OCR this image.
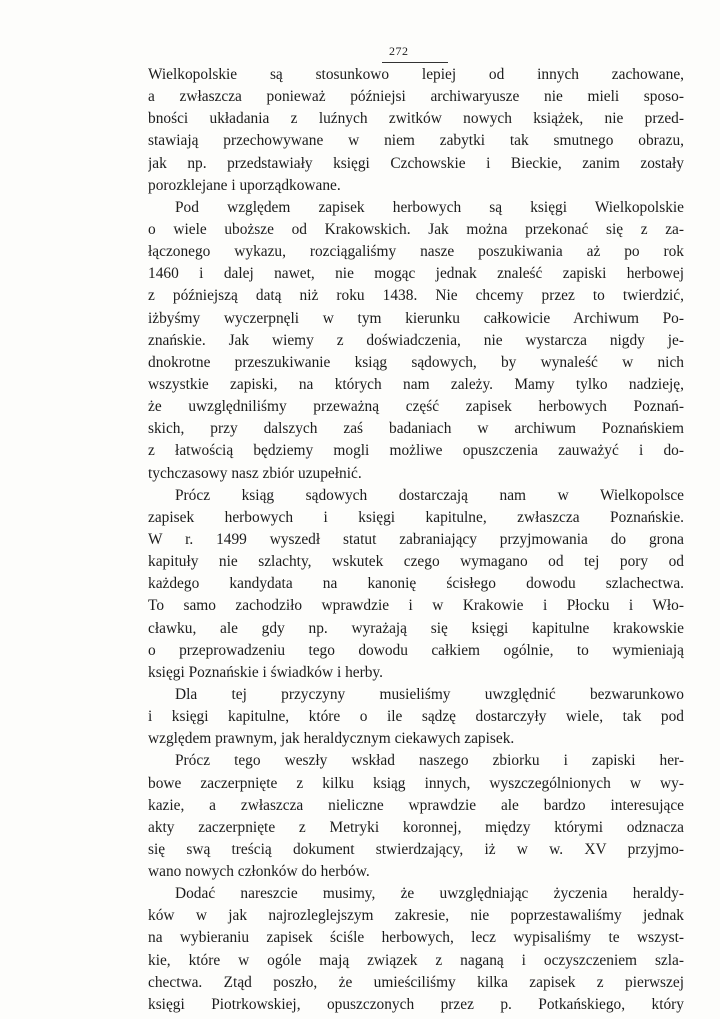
272
Wielkopolskie są stosunkowo lepiej od innych zachowane,
a zwłaszcza ponieważ późniejsi archiwaryusze nie mieli sposo-
bności układania z luźnych zwitków nowych książek, nie przed-
stawiają przechowywane w niem zabytki tak smutnego obrazu,
jak np. przedstawiały księgi Czchowskie i Bieckie, zanim zostały
porozklejane i uporządkowane.
Pod względem zapisek herbowych są księgi Wielkopolskie
o wiele uboższe od Krakowskich. Jak można przekonać się z za-
łączonego wykazu, rozciągaliśmy nasze poszukiwania aż po rok
1460 i dalej nawet, nie mogąc jednak znaleść zapiski herbowej
z późniejszą datą niż roku 1438. Nie chcemy przez to twierdzić,
iżbyśmy wyczerpnęli w tym kierunku całkowicie Archiwum Po-
znańskie. Jak wiemy z doświadczenia, nie wystarcza nigdy je-
dnokrotne przeszukiwanie ksiąg sądowych, by wynaleść w nich
wszystkie zapiski, na których nam zależy. Mamy tylko nadzieję,
że uwzględniliśmy przeważną część zapisek herbowych Poznań-
skich, przy dalszych zaś badaniach w archiwum Poznańskiem
z łatwością będziemy mogli możliwe opuszczenia zauważyć i do-
tychczasowy nasz zbiór uzupełnić.
Prócz ksiąg sądowych dostarczają nam w Wielkopolsce
zapisek herbowych i księgi kapitulne, zwłaszcza Poznańskie.
W r. 1499 wyszedł statut zabraniający przyjmowania do grona
kapituły nie szlachty, wskutek czego wymagano od tej pory od
każdego kandydata na kanonię ścisłego dowodu szlachectwa.
To samo zachodziło wprawdzie i w Krakowie i Płocku i Wło-
cławku, ale gdy np. wyrażają się księgi kapitulne krakowskie
o przeprowadzeniu tego dowodu całkiem ogólnie, to wymieniają
księgi Poznańskie i świadków i herby.
Dla tej przyczyny musieliśmy uwzględnić bezwarunkowo
i księgi kapitulne, które o ile sądzę dostarczyły wiele, tak pod
względem prawnym, jak heraldycznym ciekawych zapisek.
Prócz tego weszły wskład naszego zbiorku i zapiski her-
bowe zaczerpnięte z kilku ksiąg innych, wyszczególnionych w wy-
kazie, a zwłaszcza nieliczne wprawdzie ale bardzo interesujące
akty zaczerpnięte z Metryki koronnej, między którymi odznacza
się swą treścią dokument stwierdzający, iż w w. XV przyjmo-
wano nowych członków do herbów.
Dodać nareszcie musimy, że uwzględniając życzenia heraldy-
ków w jak najrozleglejszym zakresie, nie poprzestawaliśmy jednak
na wybieraniu zapisek ściśle herbowych, lecz wypisaliśmy te wszyst-
kie, które w ogóle mają związek z naganą i oczyszczeniem szla-
chectwa. Ztąd poszło, że umieściliśmy kilka zapisek z pierwszej
księgi Piotrkowskiej, opuszczonych przez p. Potkańskiego, który
